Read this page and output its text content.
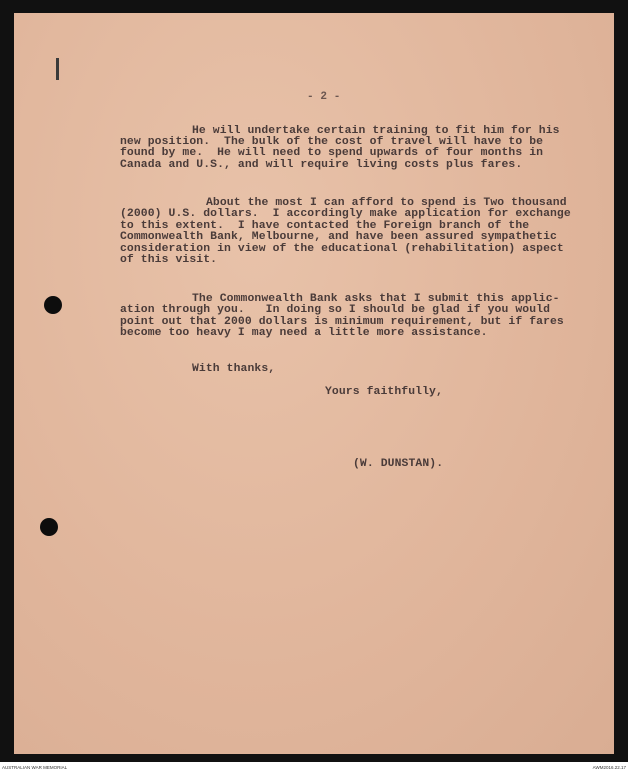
- 2 -
He will undertake certain training to fit him for his
new position.  The bulk of the cost of travel will have to be
found by me.  He will need to spend upwards of four months in
Canada and U.S., and will require living costs plus fares.
About the most I can afford to spend is Two thousand
(2000) U.S. dollars.  I accordingly make application for exchange
to this extent.  I have contacted the Foreign branch of the
Commonwealth Bank, Melbourne, and have been assured sympathetic
consideration in view of the educational (rehabilitation) aspect
of this visit.
The Commonwealth Bank asks that I submit this applic-
ation through you.   In doing so I should be glad if you would
point out that 2000 dollars is minimum requirement, but if fares
become too heavy I may need a little more assistance.
With thanks,
Yours faithfully,
(W. DUNSTAN).
AUSTRALIAN WAR MEMORIAL	AWM2016.22.17
